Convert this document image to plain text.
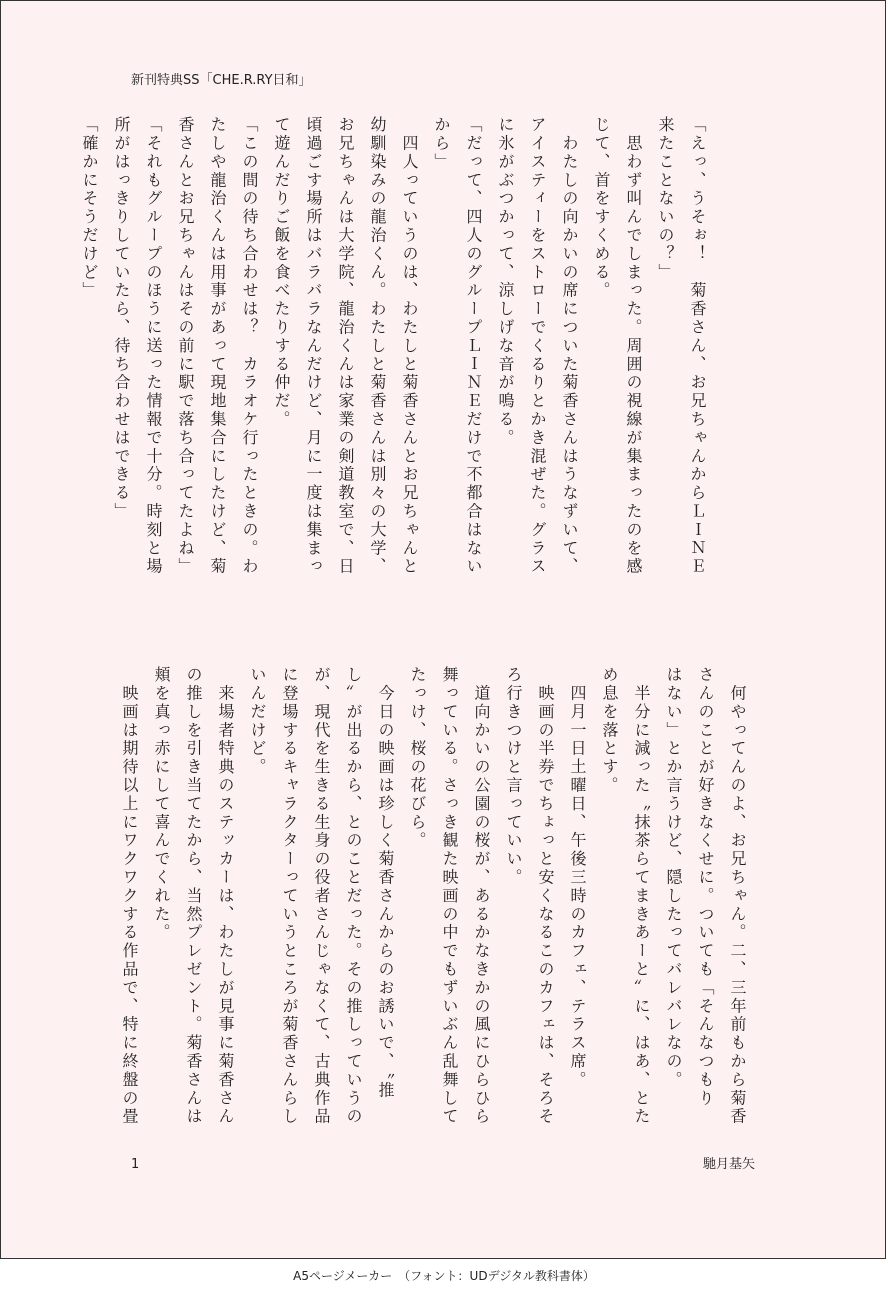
新刊特典SS「CHE.R.RY日和」

「えっ、うそぉ！　菊香さん、お兄ちゃんからＬＩＮＥ

来たことないの？」

　思わず叫んでしまった。周囲の視線が集まったのを感

じて、首をすくめる。

　わたしの向かいの席についた菊香さんはうなずいて、

アイスティーをストローでくるりとかき混ぜた。グラス

に氷がぶつかって、涼しげな音が鳴る。

「だって、四人のグループＬＩＮＥだけで不都合はない

から」

　四人っていうのは、わたしと菊香さんとお兄ちゃんと

幼馴染みの龍治くん。わたしと菊香さんは別々の大学、

お兄ちゃんは大学院、龍治くんは家業の剣道教室で、日

頃過ごす場所はバラバラなんだけど、月に一度は集まっ

て遊んだりご飯を食べたりする仲だ。

「この間の待ち合わせは？　カラオケ行ったときの。わ

たしや龍治くんは用事があって現地集合にしたけど、菊

香さんとお兄ちゃんはその前に駅で落ち合ってたよね」

「それもグループのほうに送った情報で十分。時刻と場

所がはっきりしていたら、待ち合わせはできる」

「確かにそうだけど」

　何やってんのよ、お兄ちゃん。二、三年前もから菊香

さんのことが好きなくせに。ついても「そんなつもり

はない」とか言うけど、隠したってバレバレなの。

　半分に減った〝抹茶らてまきあーと〟に、はあ、とた

め息を落とす。

　四月一日土曜日、午後三時のカフェ、テラス席。

　映画の半券でちょっと安くなるこのカフェは、そろそ

ろ行きつけと言っていい。

　道向かいの公園の桜が、あるかなきかの風にひらひら

舞っている。さっき観た映画の中でもずいぶん乱舞して

たっけ、桜の花びら。

　今日の映画は珍しく菊香さんからのお誘いで、〝推

し〟が出るから、とのことだった。その推しっていうの

が、現代を生きる生身の役者さんじゃなくて、古典作品

に登場するキャラクターっていうところが菊香さんらし

いんだけど。

　来場者特典のステッカーは、わたしが見事に菊香さん

の推しを引き当てたから、当然プレゼント。菊香さんは

頬を真っ赤にして喜んでくれた。

　映画は期待以上にワクワクする作品で、特に終盤の畳

1	馳月基矢
A5ページメーカー　（フォント：UDデジタル教科書体）
